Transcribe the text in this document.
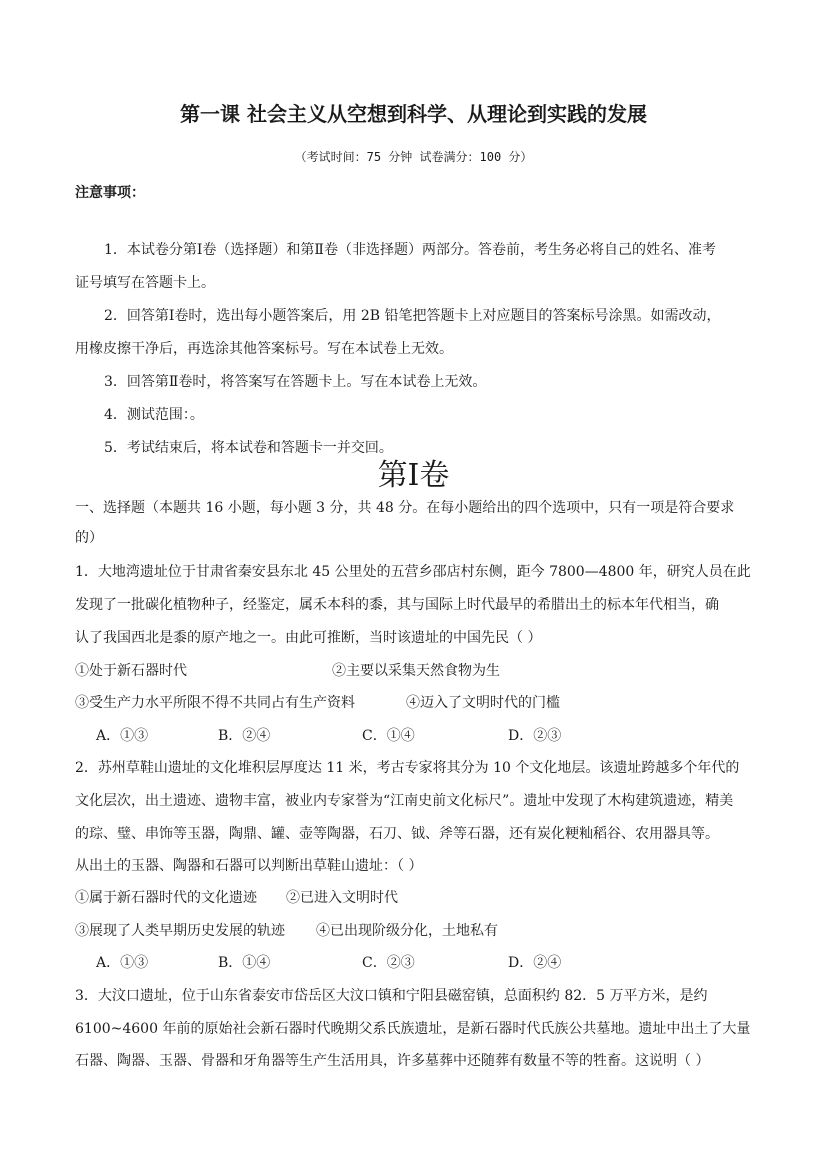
第一课 社会主义从空想到科学、从理论到实践的发展
（考试时间：75 分钟 试卷满分：100 分）
注意事项：
1．本试卷分第Ⅰ卷（选择题）和第Ⅱ卷（非选择题）两部分。答卷前，考生务必将自己的姓名、准考
证号填写在答题卡上。
2．回答第Ⅰ卷时，选出每小题答案后，用 2B 铅笔把答题卡上对应题目的答案标号涂黑。如需改动，
用橡皮擦干净后，再选涂其他答案标号。写在本试卷上无效。
3．回答第Ⅱ卷时，将答案写在答题卡上。写在本试卷上无效。
4．测试范围：。
5．考试结束后，将本试卷和答题卡一并交回。
第Ⅰ卷
一、选择题（本题共 16 小题，每小题 3 分，共 48 分。在每小题给出的四个选项中，只有一项是符合要求
的）
1．大地湾遗址位于甘肃省秦安县东北 45 公里处的五营乡邵店村东侧，距今 7800—4800 年，研究人员在此
发现了一批碳化植物种子，经鉴定，属禾本科的黍，其与国际上时代最早的希腊出土的标本年代相当，确
认了我国西北是黍的原产地之一。由此可推断，当时该遗址的中国先民（ ）
①处于新石器时代	②主要以采集天然食物为生
③受生产力水平所限不得不共同占有生产资料	④迈入了文明时代的门槛
A．①③	B．②④	C．①④	D．②③
2．苏州草鞋山遗址的文化堆积层厚度达 11 米，考古专家将其分为 10 个文化地层。该遗址跨越多个年代的
文化层次，出土遗迹、遗物丰富，被业内专家誉为“江南史前文化标尺”。遗址中发现了木构建筑遗迹，精美
的琮、璧、串饰等玉器，陶鼎、罐、壶等陶器，石刀、钺、斧等石器，还有炭化粳籼稻谷、农用器具等。
从出土的玉器、陶器和石器可以判断出草鞋山遗址：（ ）
①属于新石器时代的文化遗迹 ②已进入文明时代
③展现了人类早期历史发展的轨迹 ④已出现阶级分化，土地私有
A．①③	B．①④	C．②③	D．②④
3．大汶口遗址，位于山东省泰安市岱岳区大汶口镇和宁阳县磁窑镇，总面积约 82．5 万平方米，是约
6100~4600 年前的原始社会新石器时代晚期父系氏族遗址，是新石器时代氏族公共墓地。遗址中出土了大量
石器、陶器、玉器、骨器和牙角器等生产生活用具，许多墓葬中还随葬有数量不等的牲畜。这说明（ ）
